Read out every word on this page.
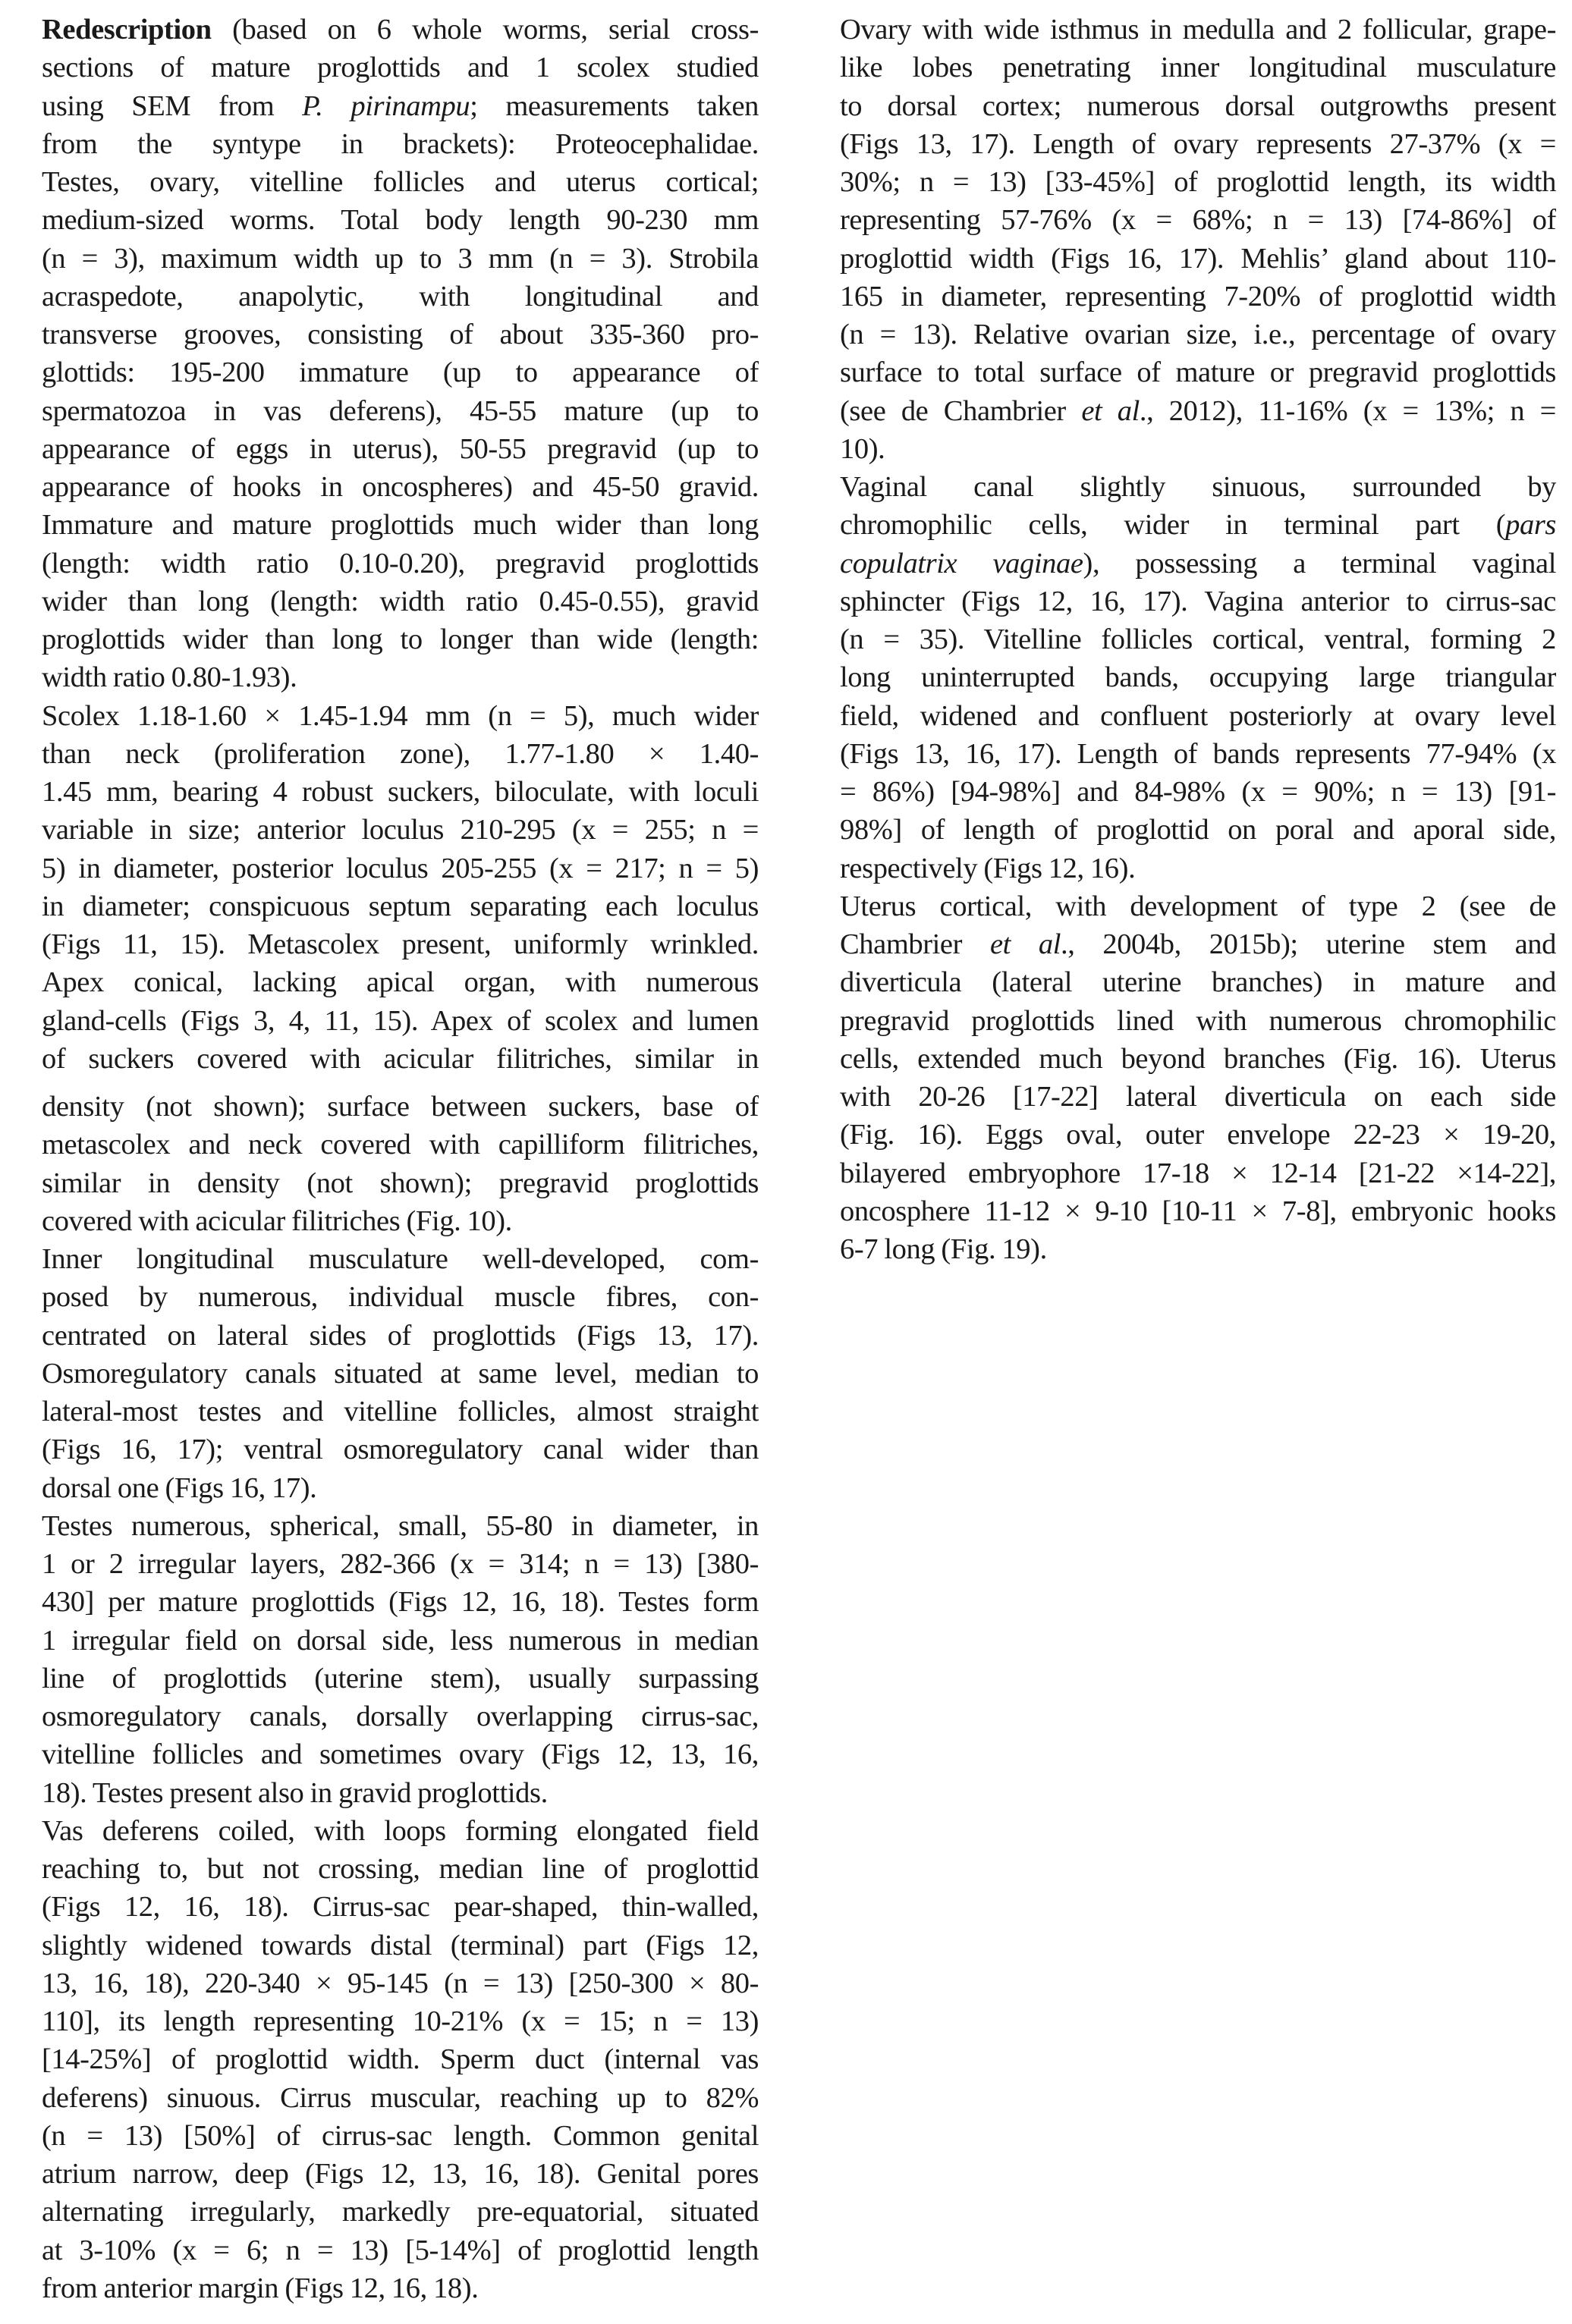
Redescription (based on 6 whole worms, serial cross-
sections of mature proglottids and 1 scolex studied
using SEM from P. pirinampu; measurements taken
from the syntype in brackets): Proteocephalidae.
Testes, ovary, vitelline follicles and uterus cortical;
medium-sized worms. Total body length 90-230 mm
(n = 3), maximum width up to 3 mm (n = 3). Strobila
acraspedote, anapolytic, with longitudinal and
transverse grooves, consisting of about 335-360 pro-
glottids: 195-200 immature (up to appearance of
spermatozoa in vas deferens), 45-55 mature (up to
appearance of eggs in uterus), 50-55 pregravid (up to
appearance of hooks in oncospheres) and 45-50 gravid.
Immature and mature proglottids much wider than long
(length: width ratio 0.10-0.20), pregravid proglottids
wider than long (length: width ratio 0.45-0.55), gravid
proglottids wider than long to longer than wide (length:
width ratio 0.80-1.93).
Scolex 1.18-1.60 × 1.45-1.94 mm (n = 5), much wider
than neck (proliferation zone), 1.77-1.80 × 1.40-
1.45 mm, bearing 4 robust suckers, biloculate, with loculi
variable in size; anterior loculus 210-295 (x = 255; n =
5) in diameter, posterior loculus 205-255 (x = 217; n = 5)
in diameter; conspicuous septum separating each loculus
(Figs 11, 15). Metascolex present, uniformly wrinkled.
Apex conical, lacking apical organ, with numerous
gland-cells (Figs 3, 4, 11, 15). Apex of scolex and lumen
of suckers covered with acicular filitriches, similar in
density (not shown); surface between suckers, base of
metascolex and neck covered with capilliform filitriches,
similar in density (not shown); pregravid proglottids
covered with acicular filitriches (Fig. 10).
Inner longitudinal musculature well-developed, com-
posed by numerous, individual muscle fibres, con-
centrated on lateral sides of proglottids (Figs 13, 17).
Osmoregulatory canals situated at same level, median to
lateral-most testes and vitelline follicles, almost straight
(Figs 16, 17); ventral osmoregulatory canal wider than
dorsal one (Figs 16, 17).
Testes numerous, spherical, small, 55-80 in diameter, in
1 or 2 irregular layers, 282-366 (x = 314; n = 13) [380-
430] per mature proglottids (Figs 12, 16, 18). Testes form
1 irregular field on dorsal side, less numerous in median
line of proglottids (uterine stem), usually surpassing
osmoregulatory canals, dorsally overlapping cirrus-sac,
vitelline follicles and sometimes ovary (Figs 12, 13, 16,
18). Testes present also in gravid proglottids.
Vas deferens coiled, with loops forming elongated field
reaching to, but not crossing, median line of proglottid
(Figs 12, 16, 18). Cirrus-sac pear-shaped, thin-walled,
slightly widened towards distal (terminal) part (Figs 12,
13, 16, 18), 220-340 × 95-145 (n = 13) [250-300 × 80-
110], its length representing 10-21% (x = 15; n = 13)
[14-25%] of proglottid width. Sperm duct (internal vas
deferens) sinuous. Cirrus muscular, reaching up to 82%
(n = 13) [50%] of cirrus-sac length. Common genital
atrium narrow, deep (Figs 12, 13, 16, 18). Genital pores
alternating irregularly, markedly pre-equatorial, situated
at 3-10% (x = 6; n = 13) [5-14%] of proglottid length
from anterior margin (Figs 12, 16, 18).
Ovary with wide isthmus in medulla and 2 follicular, grape-
like lobes penetrating inner longitudinal musculature
to dorsal cortex; numerous dorsal outgrowths present
(Figs 13, 17). Length of ovary represents 27-37% (x =
30%; n = 13) [33-45%] of proglottid length, its width
representing 57-76% (x = 68%; n = 13) [74-86%] of
proglottid width (Figs 16, 17). Mehlis’ gland about 110-
165 in diameter, representing 7-20% of proglottid width
(n = 13). Relative ovarian size, i.e., percentage of ovary
surface to total surface of mature or pregravid proglottids
(see de Chambrier et al., 2012), 11-16% (x = 13%; n =
10).
Vaginal canal slightly sinuous, surrounded by
chromophilic cells, wider in terminal part (pars
copulatrix vaginae), possessing a terminal vaginal
sphincter (Figs 12, 16, 17). Vagina anterior to cirrus-sac
(n = 35). Vitelline follicles cortical, ventral, forming 2
long uninterrupted bands, occupying large triangular
field, widened and confluent posteriorly at ovary level
(Figs 13, 16, 17). Length of bands represents 77-94% (x
= 86%) [94-98%] and 84-98% (x = 90%; n = 13) [91-
98%] of length of proglottid on poral and aporal side,
respectively (Figs 12, 16).
Uterus cortical, with development of type 2 (see de
Chambrier et al., 2004b, 2015b); uterine stem and
diverticula (lateral uterine branches) in mature and
pregravid proglottids lined with numerous chromophilic
cells, extended much beyond branches (Fig. 16). Uterus
with 20-26 [17-22] lateral diverticula on each side
(Fig. 16). Eggs oval, outer envelope 22-23 × 19-20,
bilayered embryophore 17-18 × 12-14 [21-22 ×14-22],
oncosphere 11-12 × 9-10 [10-11 × 7-8], embryonic hooks
6-7 long (Fig. 19).
